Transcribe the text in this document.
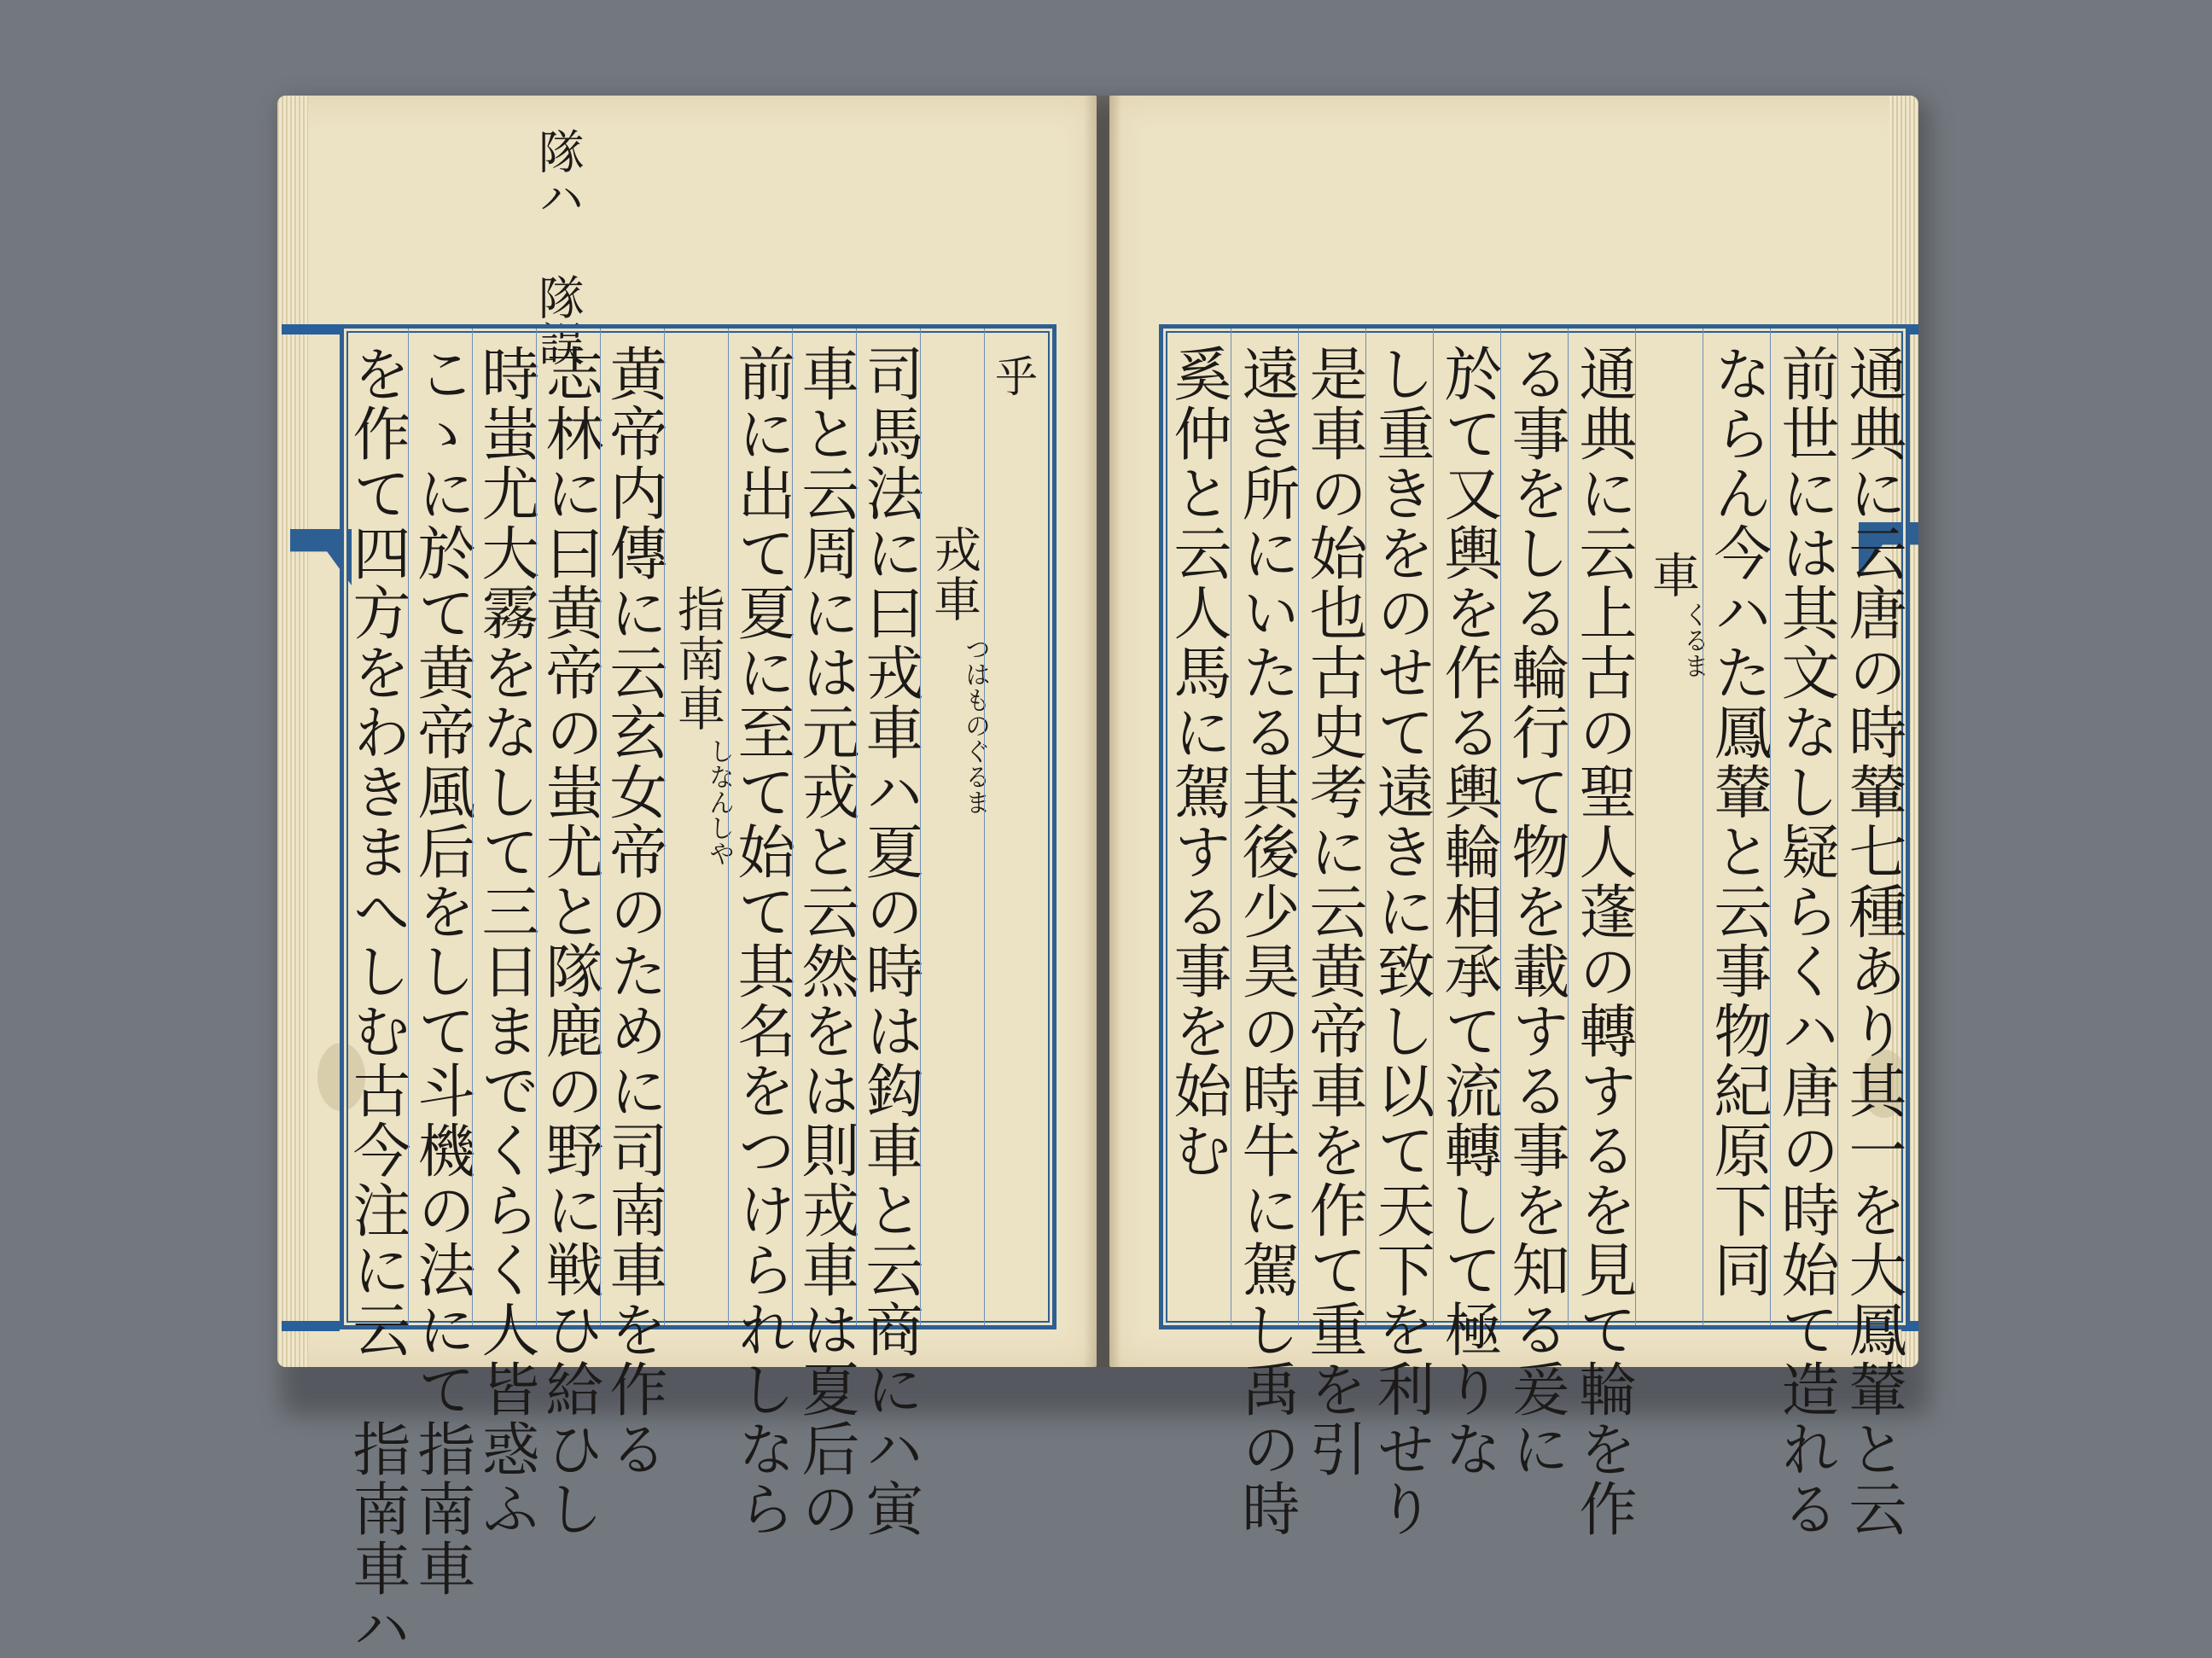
隊ハ 隊誤
を作て四方をわきまへしむ古今注に云　指南車ハ
こゝに於て黄帝風后をして斗機の法にて指南車
時蚩尤大霧をなして三日までくらく人皆惑ふ
志林に曰黄帝の蚩尤と隊鹿の野に戦ひ給ひし
黄帝内傳に云玄女帝のために司南車を作る 指南車
しなんしや
前に出て夏に至て始て其名をつけられしなら
車と云周には元戎と云然をは則戎車は夏后の
司馬法に曰戎車ハ夏の時は鈎車と云商にハ寅 戎車
つはものぐるま
乎 奚仲と云人馬に駕する事を始む 遠き所にいたる其後少昊の時牛に駕し禹の時 是車の始也古史考に云黄帝車を作て重を引 し重きをのせて遠きに致し以て天下を利せり 於て又輿を作る輿輪相承て流轉して極りな る事をしる輪行て物を載する事を知る爰に 通典に云上古の聖人蓬の轉するを見て輪を作 車
くるま
ならん今ハた鳳輦と云事物紀原下同 前世には其文なし疑らくハ唐の時始て造れる 通典に云唐の時輦七種あり其一を大鳳輦と云
